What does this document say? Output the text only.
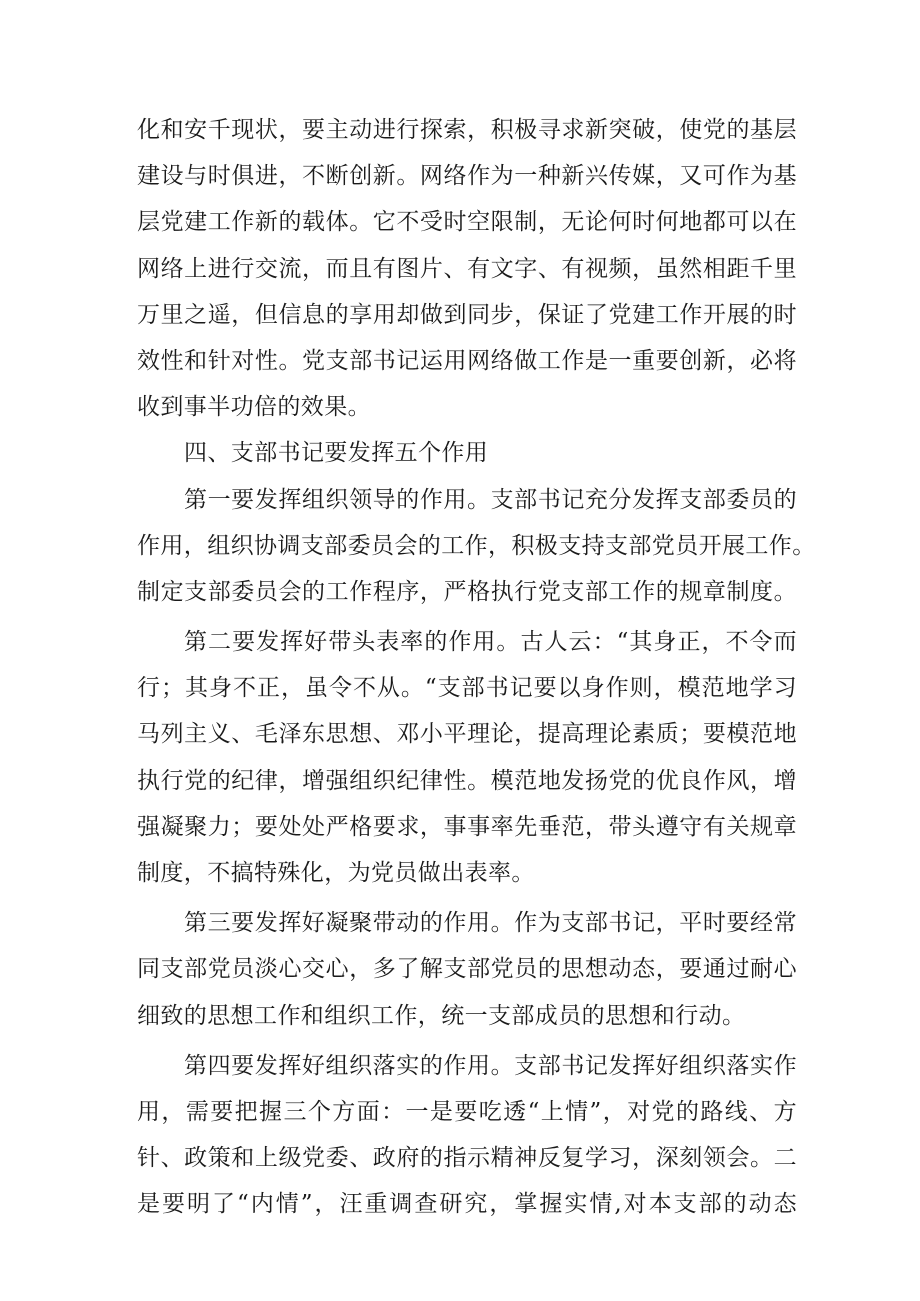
化和安千现状，要主动进行探索，积极寻求新突破，使党的基层
建设与时俱进，不断创新。网络作为一种新兴传媒，又可作为基
层党建工作新的载体。它不受时空限制，无论何时何地都可以在
网络上进行交流，而且有图片、有文字、有视频，虽然相距千里
万里之遥，但信息的享用却做到同步，保证了党建工作开展的时
效性和针对性。党支部书记运用网络做工作是一重要创新，必将
收到事半功倍的效果。
四、支部书记要发挥五个作用
第一要发挥组织领导的作用。支部书记充分发挥支部委员的
作用，组织协调支部委员会的工作，积极支持支部党员开展工作。
制定支部委员会的工作程序，严格执行党支部工作的规章制度。
第二要发挥好带头表率的作用。古人云：“其身正，不令而
行；其身不正，虽令不从。“支部书记要以身作则，模范地学习
马列主义、毛泽东思想、邓小平理论，提高理论素质；要模范地
执行党的纪律，增强组织纪律性。模范地发扬党的优良作风，增
强凝聚力；要处处严格要求，事事率先垂范，带头遵守有关规章
制度，不搞特殊化，为党员做出表率。
第三要发挥好凝聚带动的作用。作为支部书记，平时要经常
同支部党员淡心交心，多了解支部党员的思想动态，要通过耐心
细致的思想工作和组织工作，统一支部成员的思想和行动。
第四要发挥好组织落实的作用。支部书记发挥好组织落实作
用，需要把握三个方面：一是要吃透“上情”，对党的路线、方
针、政策和上级党委、政府的指示精神反复学习，深刻领会。二
是要明了“内情”，汪重调查研究，掌握实情,对本支部的动态
